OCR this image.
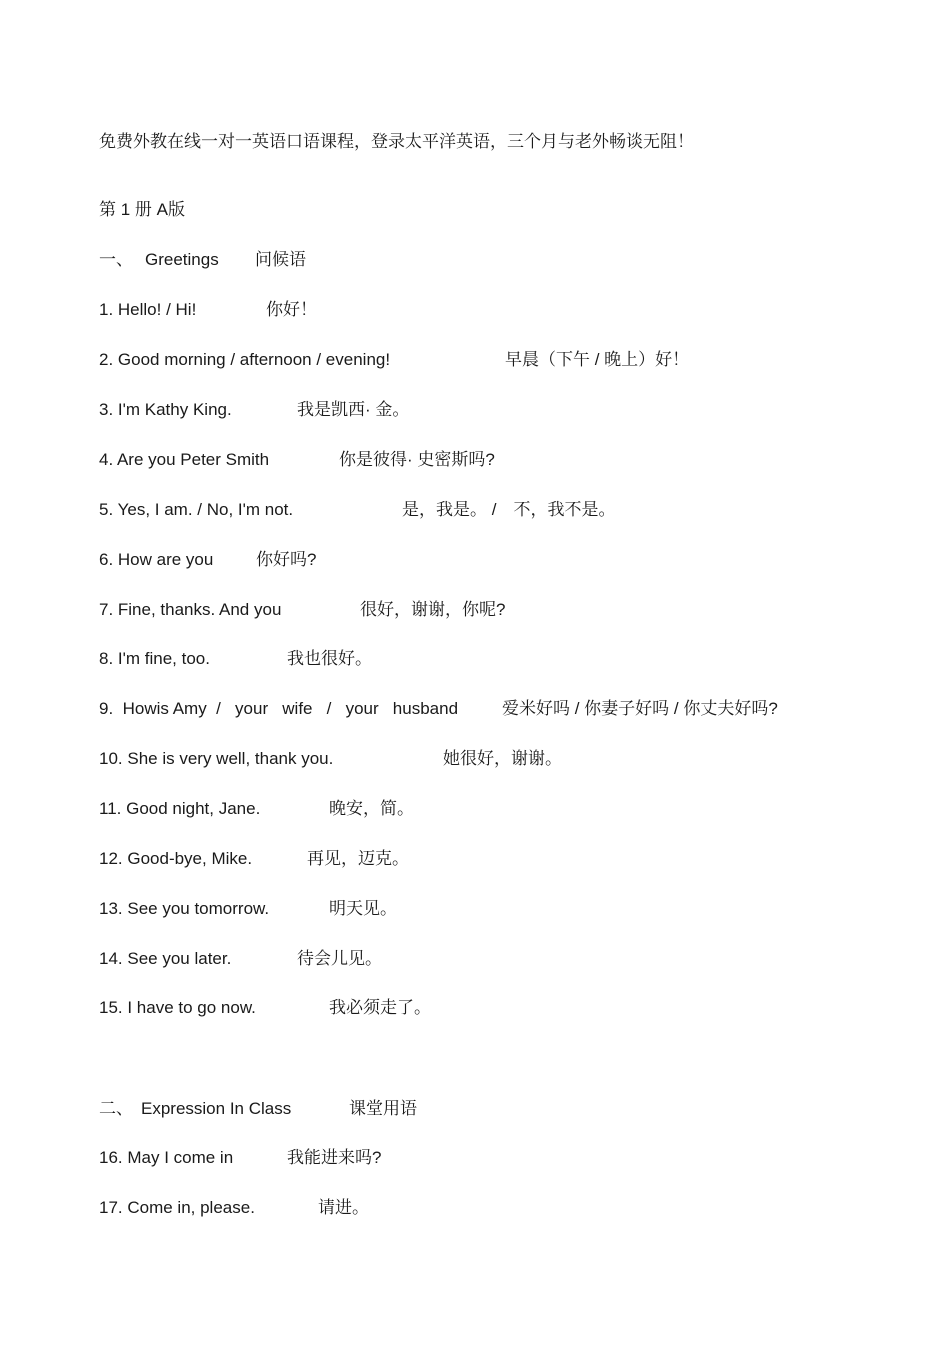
免费外教在线一对一英语口语课程，登录太平洋英语，三个月与老外畅谈无阻！
第 1 册 A版
一、 Greetings 问候语
1. Hello! / Hi!	你好！
2. Good morning / afternoon / evening!	早晨（下午 / 晚上）好！
3. I'm Kathy King.	我是凯西· 金。
4. Are you Peter Smith	你是彼得· 史密斯吗?
5. Yes, I am. / No, I'm not.	是，我是。 /　不，我不是。
6. How are you	你好吗?
7. Fine, thanks. And you	很好，谢谢，你呢?
8. I'm fine, too.	我也很好。
9.  Howis Amy  /   your   wife   /   your   husband	爱米好吗 / 你妻子好吗 / 你丈夫好吗?
10. She is very well, thank you.	她很好，谢谢。
11. Good night, Jane.	晚安，简。
12. Good-bye, Mike.	再见，迈克。
13. See you tomorrow.	明天见。
14. See you later.	待会儿见。
15. I have to go now.	我必须走了。
二、 Expression In Class	课堂用语
16. May I come in	我能进来吗?
17. Come in, please.	请进。
